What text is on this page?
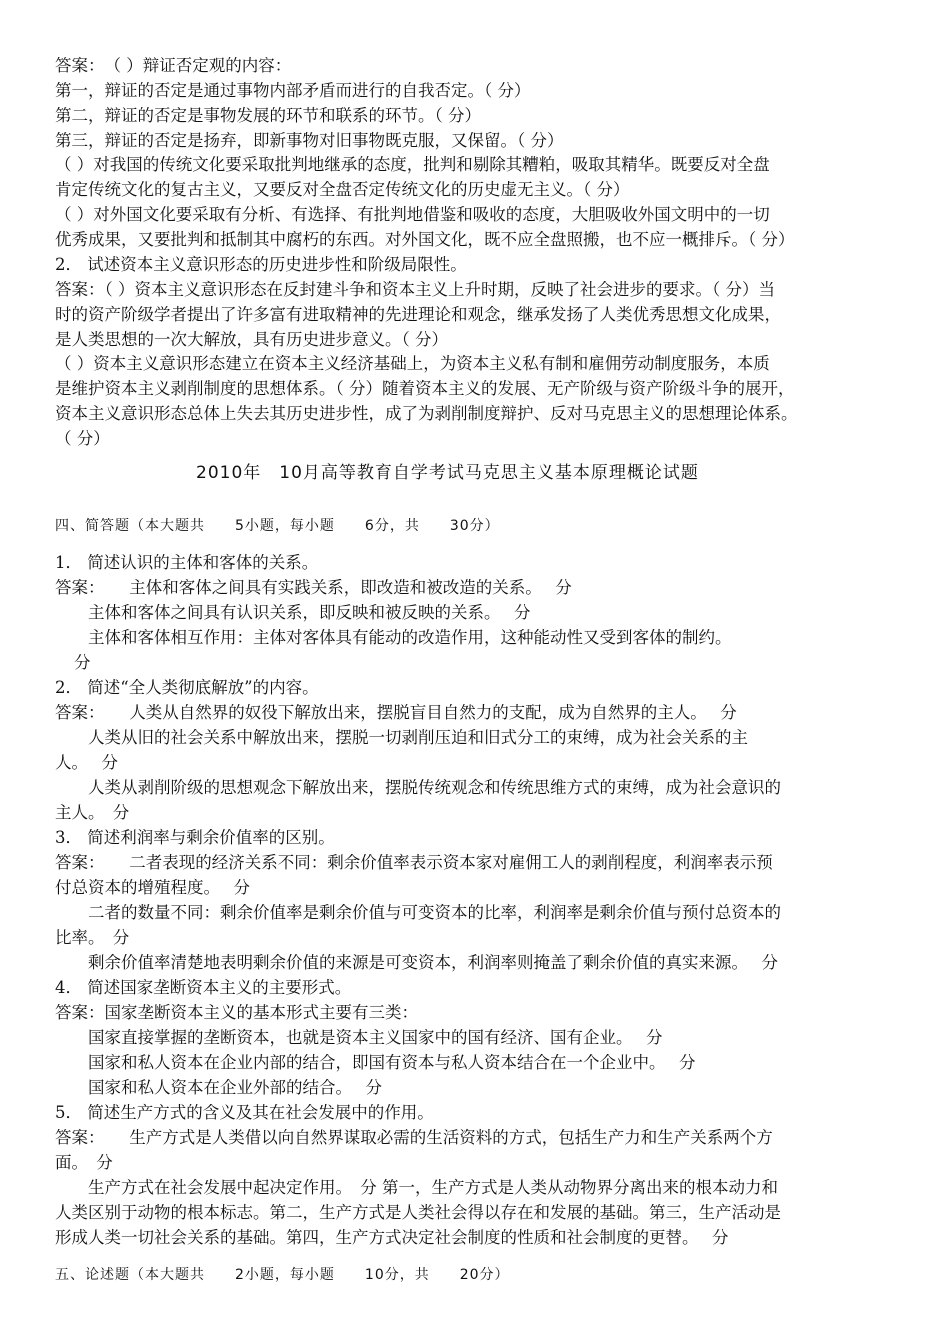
答案：　（ ）辩证否定观的内容：
第一，辩证的否定是通过事物内部矛盾而进行的自我否定。（ 分）
第二，辩证的否定是事物发展的环节和联系的环节。（ 分）
第三，辩证的否定是扬弃，即新事物对旧事物既克服，又保留。（ 分）
（ ）对我国的传统文化要采取批判地继承的态度，批判和剔除其糟粕，吸取其精华。既要反对全盘
肯定传统文化的复古主义，又要反对全盘否定传统文化的历史虚无主义。（ 分）
（ ）对外国文化要采取有分析、有选择、有批判地借鉴和吸收的态度，大胆吸收外国文明中的一切
优秀成果，又要批判和抵制其中腐朽的东西。对外国文化，既不应全盘照搬，也不应一概排斥。（ 分）
2． 试述资本主义意识形态的历史进步性和阶级局限性。
答案：（ ）资本主义意识形态在反封建斗争和资本主义上升时期，反映了社会进步的要求。（ 分）当
时的资产阶级学者提出了许多富有进取精神的先进理论和观念，继承发扬了人类优秀思想文化成果，
是人类思想的一次大解放，具有历史进步意义。（ 分）
（ ）资本主义意识形态建立在资本主义经济基础上，为资本主义私有制和雇佣劳动制度服务，本质
是维护资本主义剥削制度的思想体系。（ 分）随着资本主义的发展、无产阶级与资产阶级斗争的展开，
资本主义意识形态总体上失去其历史进步性，成了为剥削制度辩护、反对马克思主义的思想理论体系。
（ 分）
2010年　10月高等教育自学考试马克思主义基本原理概论试题
四、简答题（本大题共　　5小题，每小题　　6分，共　　30分）
1． 简述认识的主体和客体的关系。
答案：　　主体和客体之间具有实践关系，即改造和被改造的关系。　 分
主体和客体之间具有认识关系，即反映和被反映的关系。　 分
主体和客体相互作用：主体对客体具有能动的改造作用，这种能动性又受到客体的制约。
分
2． 简述“全人类彻底解放”的内容。
答案：　　人类从自然界的奴役下解放出来，摆脱盲目自然力的支配，成为自然界的主人。　 分
人类从旧的社会关系中解放出来，摆脱一切剥削压迫和旧式分工的束缚，成为社会关系的主
人。　 分
人类从剥削阶级的思想观念下解放出来，摆脱传统观念和传统思维方式的束缚，成为社会意识的
主人。　分
3． 简述利润率与剩余价值率的区别。
答案：　　二者表现的经济关系不同：剩余价值率表示资本家对雇佣工人的剥削程度，利润率表示预
付总资本的增殖程度。　 分
二者的数量不同：剩余价值率是剩余价值与可变资本的比率，利润率是剩余价值与预付总资本的
比率。　分
剩余价值率清楚地表明剩余价值的来源是可变资本，利润率则掩盖了剩余价值的真实来源。　 分
4． 简述国家垄断资本主义的主要形式。
答案：国家垄断资本主义的基本形式主要有三类：
国家直接掌握的垄断资本，也就是资本主义国家中的国有经济、国有企业。　 分
国家和私人资本在企业内部的结合，即国有资本与私人资本结合在一个企业中。　 分
国家和私人资本在企业外部的结合。　 分
5． 简述生产方式的含义及其在社会发展中的作用。
答案：　　生产方式是人类借以向自然界谋取必需的生活资料的方式，包括生产力和生产关系两个方
面。　分
生产方式在社会发展中起决定作用。　分 第一，生产方式是人类从动物界分离出来的根本动力和
人类区别于动物的根本标志。第二，生产方式是人类社会得以存在和发展的基础。第三，生产活动是
形成人类一切社会关系的基础。第四，生产方式决定社会制度的性质和社会制度的更替。　 分
五、论述题（本大题共　　2小题，每小题　　10分，共　　20分）
